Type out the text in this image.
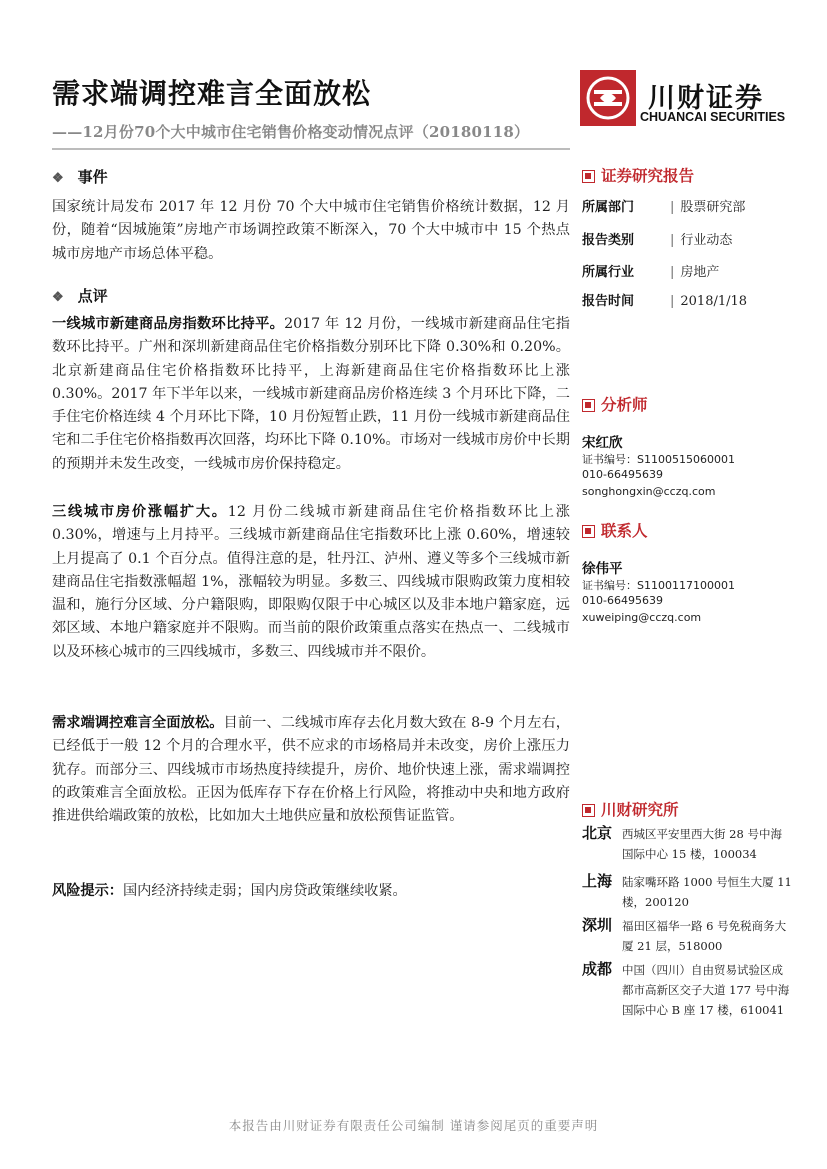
需求端调控难言全面放松
——12月份70个大中城市住宅销售价格变动情况点评（20180118）
川财证券
CHUANCAI SECURITIES
❖ 事件
❖ 点评

国家统计局发布 2017 年 12 月份 70 个大中城市住宅销售价格统计数据，12 月份，随着“因城施策”房地产市场调控政策不断深入，70 个大中城市中 15 个热点城市房地产市场总体平稳。

一线城市新建商品房指数环比持平。2017 年 12 月份，一线城市新建商品住宅指数环比持平。广州和深圳新建商品住宅价格指数分别环比下降 0.30%和 0.20%。北京新建商品住宅价格指数环比持平，上海新建商品住宅价格指数环比上涨 0.30%。2017 年下半年以来，一线城市新建商品房价格连续 3 个月环比下降，二手住宅价格连续 4 个月环比下降，10 月份短暂止跌，11 月份一线城市新建商品住宅和二手住宅价格指数再次回落，均环比下降 0.10%。市场对一线城市房价中长期的预期并未发生改变，一线城市房价保持稳定。

三线城市房价涨幅扩大。12 月份二线城市新建商品住宅价格指数环比上涨 0.30%，增速与上月持平。三线城市新建商品住宅指数环比上涨 0.60%，增速较上月提高了 0.1 个百分点。值得注意的是，牡丹江、泸州、遵义等多个三线城市新建商品住宅指数涨幅超 1%，涨幅较为明显。多数三、四线城市限购政策力度相较温和，施行分区域、分户籍限购，即限购仅限于中心城区以及非本地户籍家庭，远郊区域、本地户籍家庭并不限购。而当前的限价政策重点落实在热点一、二线城市以及环核心城市的三四线城市，多数三、四线城市并不限价。

需求端调控难言全面放松。目前一、二线城市库存去化月数大致在 8-9 个月左右，已经低于一般 12 个月的合理水平，供不应求的市场格局并未改变，房价上涨压力犹存。而部分三、四线城市市场热度持续提升，房价、地价快速上涨，需求端调控的政策难言全面放松。正因为低库存下存在价格上行风险，将推动中央和地方政府推进供给端政策的放松，比如加大土地供应量和放松预售证监管。

风险提示：国内经济持续走弱；国内房贷政策继续收紧。

证券研究报告
所属部门	| 股票研究部
报告类别	| 行业动态
所属行业	| 房地产
报告时间	| 2018/1/18
分析师
宋红欣
证书编号：S1100515060001
010-66495639
songhongxin@cczq.com
联系人
徐伟平
证书编号：S1100117100001
010-66495639
xuweiping@cczq.com
川财研究所
北京 西城区平安里西大街 28 号中海国际中心 15 楼，100034
上海 陆家嘴环路 1000 号恒生大厦 11 楼，200120
深圳 福田区福华一路 6 号免税商务大厦 21 层，518000
成都 中国（四川）自由贸易试验区成都市高新区交子大道 177 号中海国际中心 B 座 17 楼，610041
本报告由川财证券有限责任公司编制 谨请参阅尾页的重要声明
